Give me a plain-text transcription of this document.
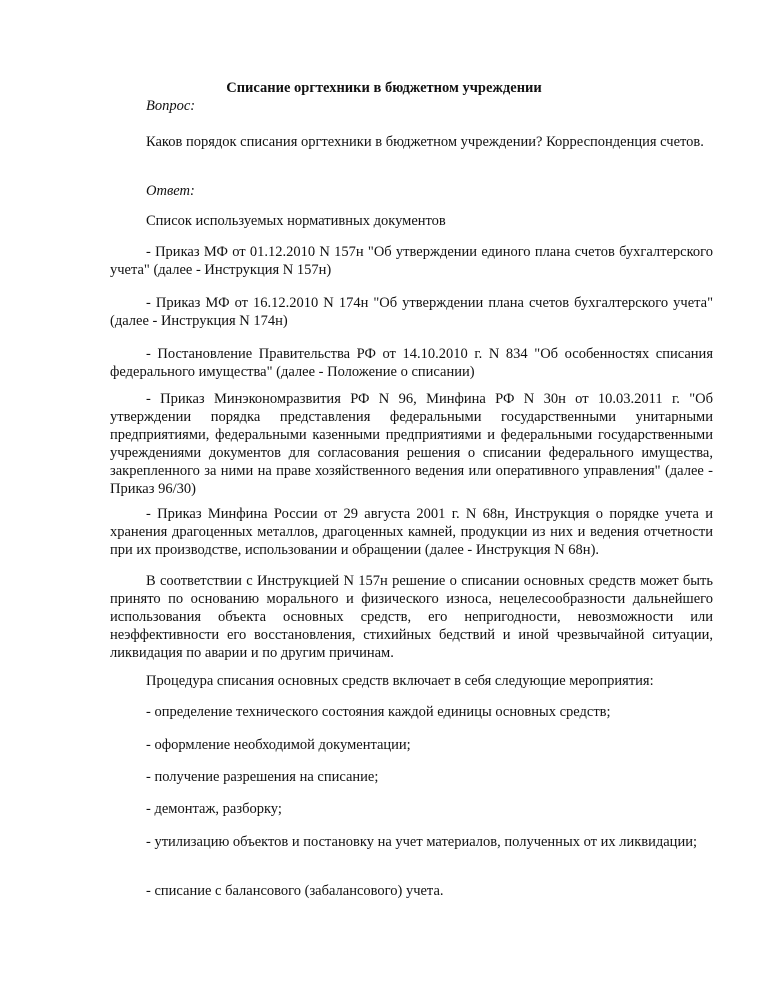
Списание оргтехники в бюджетном учреждении
Вопрос:

Каков порядок списания оргтехники в бюджетном учреждении? Корреспонденция счетов.

Ответ:
Список используемых нормативных документов

- Приказ МФ от 01.12.2010 N 157н "Об утверждении единого плана счетов бухгалтерского учета" (далее - Инструкция N 157н)

- Приказ МФ от 16.12.2010 N 174н "Об утверждении плана счетов бухгалтерского учета" (далее - Инструкция N 174н)

- Постановление Правительства РФ от 14.10.2010 г. N 834 "Об особенностях списания федерального имущества" (далее - Положение о списании)

- Приказ Минэкономразвития РФ N 96, Минфина РФ N 30н от 10.03.2011 г. "Об утверждении порядка представления федеральными государственными унитарными предприятиями, федеральными казенными предприятиями и федеральными государственными учреждениями документов для согласования решения о списании федерального имущества, закрепленного за ними на праве хозяйственного ведения или оперативного управления" (далее - Приказ 96/30)

- Приказ Минфина России от 29 августа 2001 г. N 68н, Инструкция о порядке учета и хранения драгоценных металлов, драгоценных камней, продукции из них и ведения отчетности при их производстве, использовании и обращении (далее - Инструкция N 68н).

В соответствии с Инструкцией N 157н решение о списании основных средств может быть принято по основанию морального и физического износа, нецелесообразности дальнейшего использования объекта основных средств, его непригодности, невозможности или неэффективности его восстановления, стихийных бедствий и иной чрезвычайной ситуации, ликвидация по аварии и по другим причинам.

Процедура списания основных средств включает в себя следующие мероприятия:
- определение технического состояния каждой единицы основных средств;
- оформление необходимой документации;
- получение разрешения на списание;
- демонтаж, разборку;

- утилизацию объектов и постановку на учет материалов, полученных от их ликвидации;

- списание с балансового (забалансового) учета.
